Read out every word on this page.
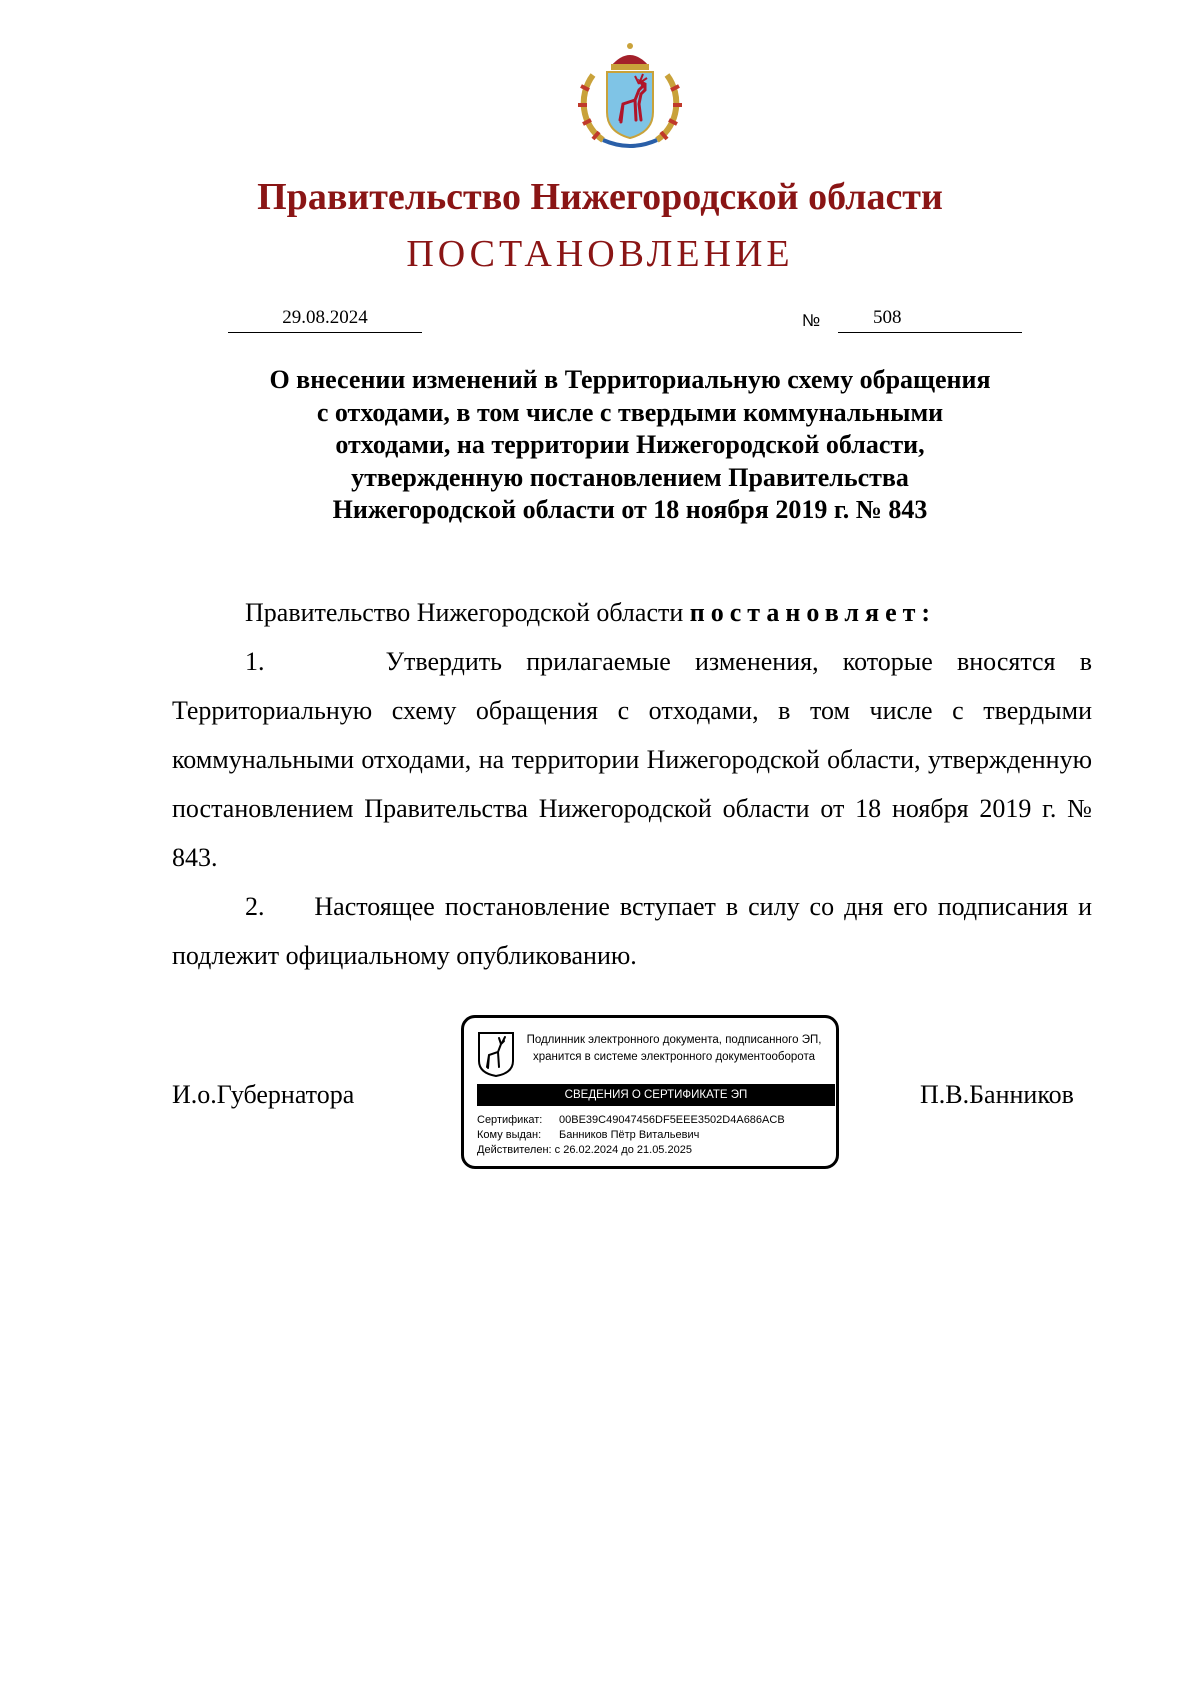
Правительство Нижегородской области
ПОСТАНОВЛЕНИЕ
29.08.2024	№	508
О внесении изменений в Территориальную схему обращения
с отходами, в том числе с твердыми коммунальными
отходами, на территории Нижегородской области,
утвержденную постановлением Правительства
Нижегородской области от 18 ноября 2019 г. № 843

Правительство Нижегородской области постановляет:

1.     Утвердить прилагаемые изменения, которые вносятся в Территориальную схему обращения с отходами, в том числе с твердыми коммунальными отходами, на территории Нижегородской области, утвержденную постановлением Правительства Нижегородской области от 18 ноября 2019 г. № 843.

2.     Настоящее постановление вступает в силу со дня его подписания и подлежит официальному опубликованию.

И.о.Губернатора	П.В.Банников
Подлинник электронного документа, подписанного ЭП,
хранится в системе электронного документооборота
СВЕДЕНИЯ О СЕРТИФИКАТЕ ЭП
Сертификат: 00BE39C49047456DF5EEE3502D4A686ACB
Кому выдан: Банников Пётр Витальевич
Действителен: с 26.02.2024 до 21.05.2025
